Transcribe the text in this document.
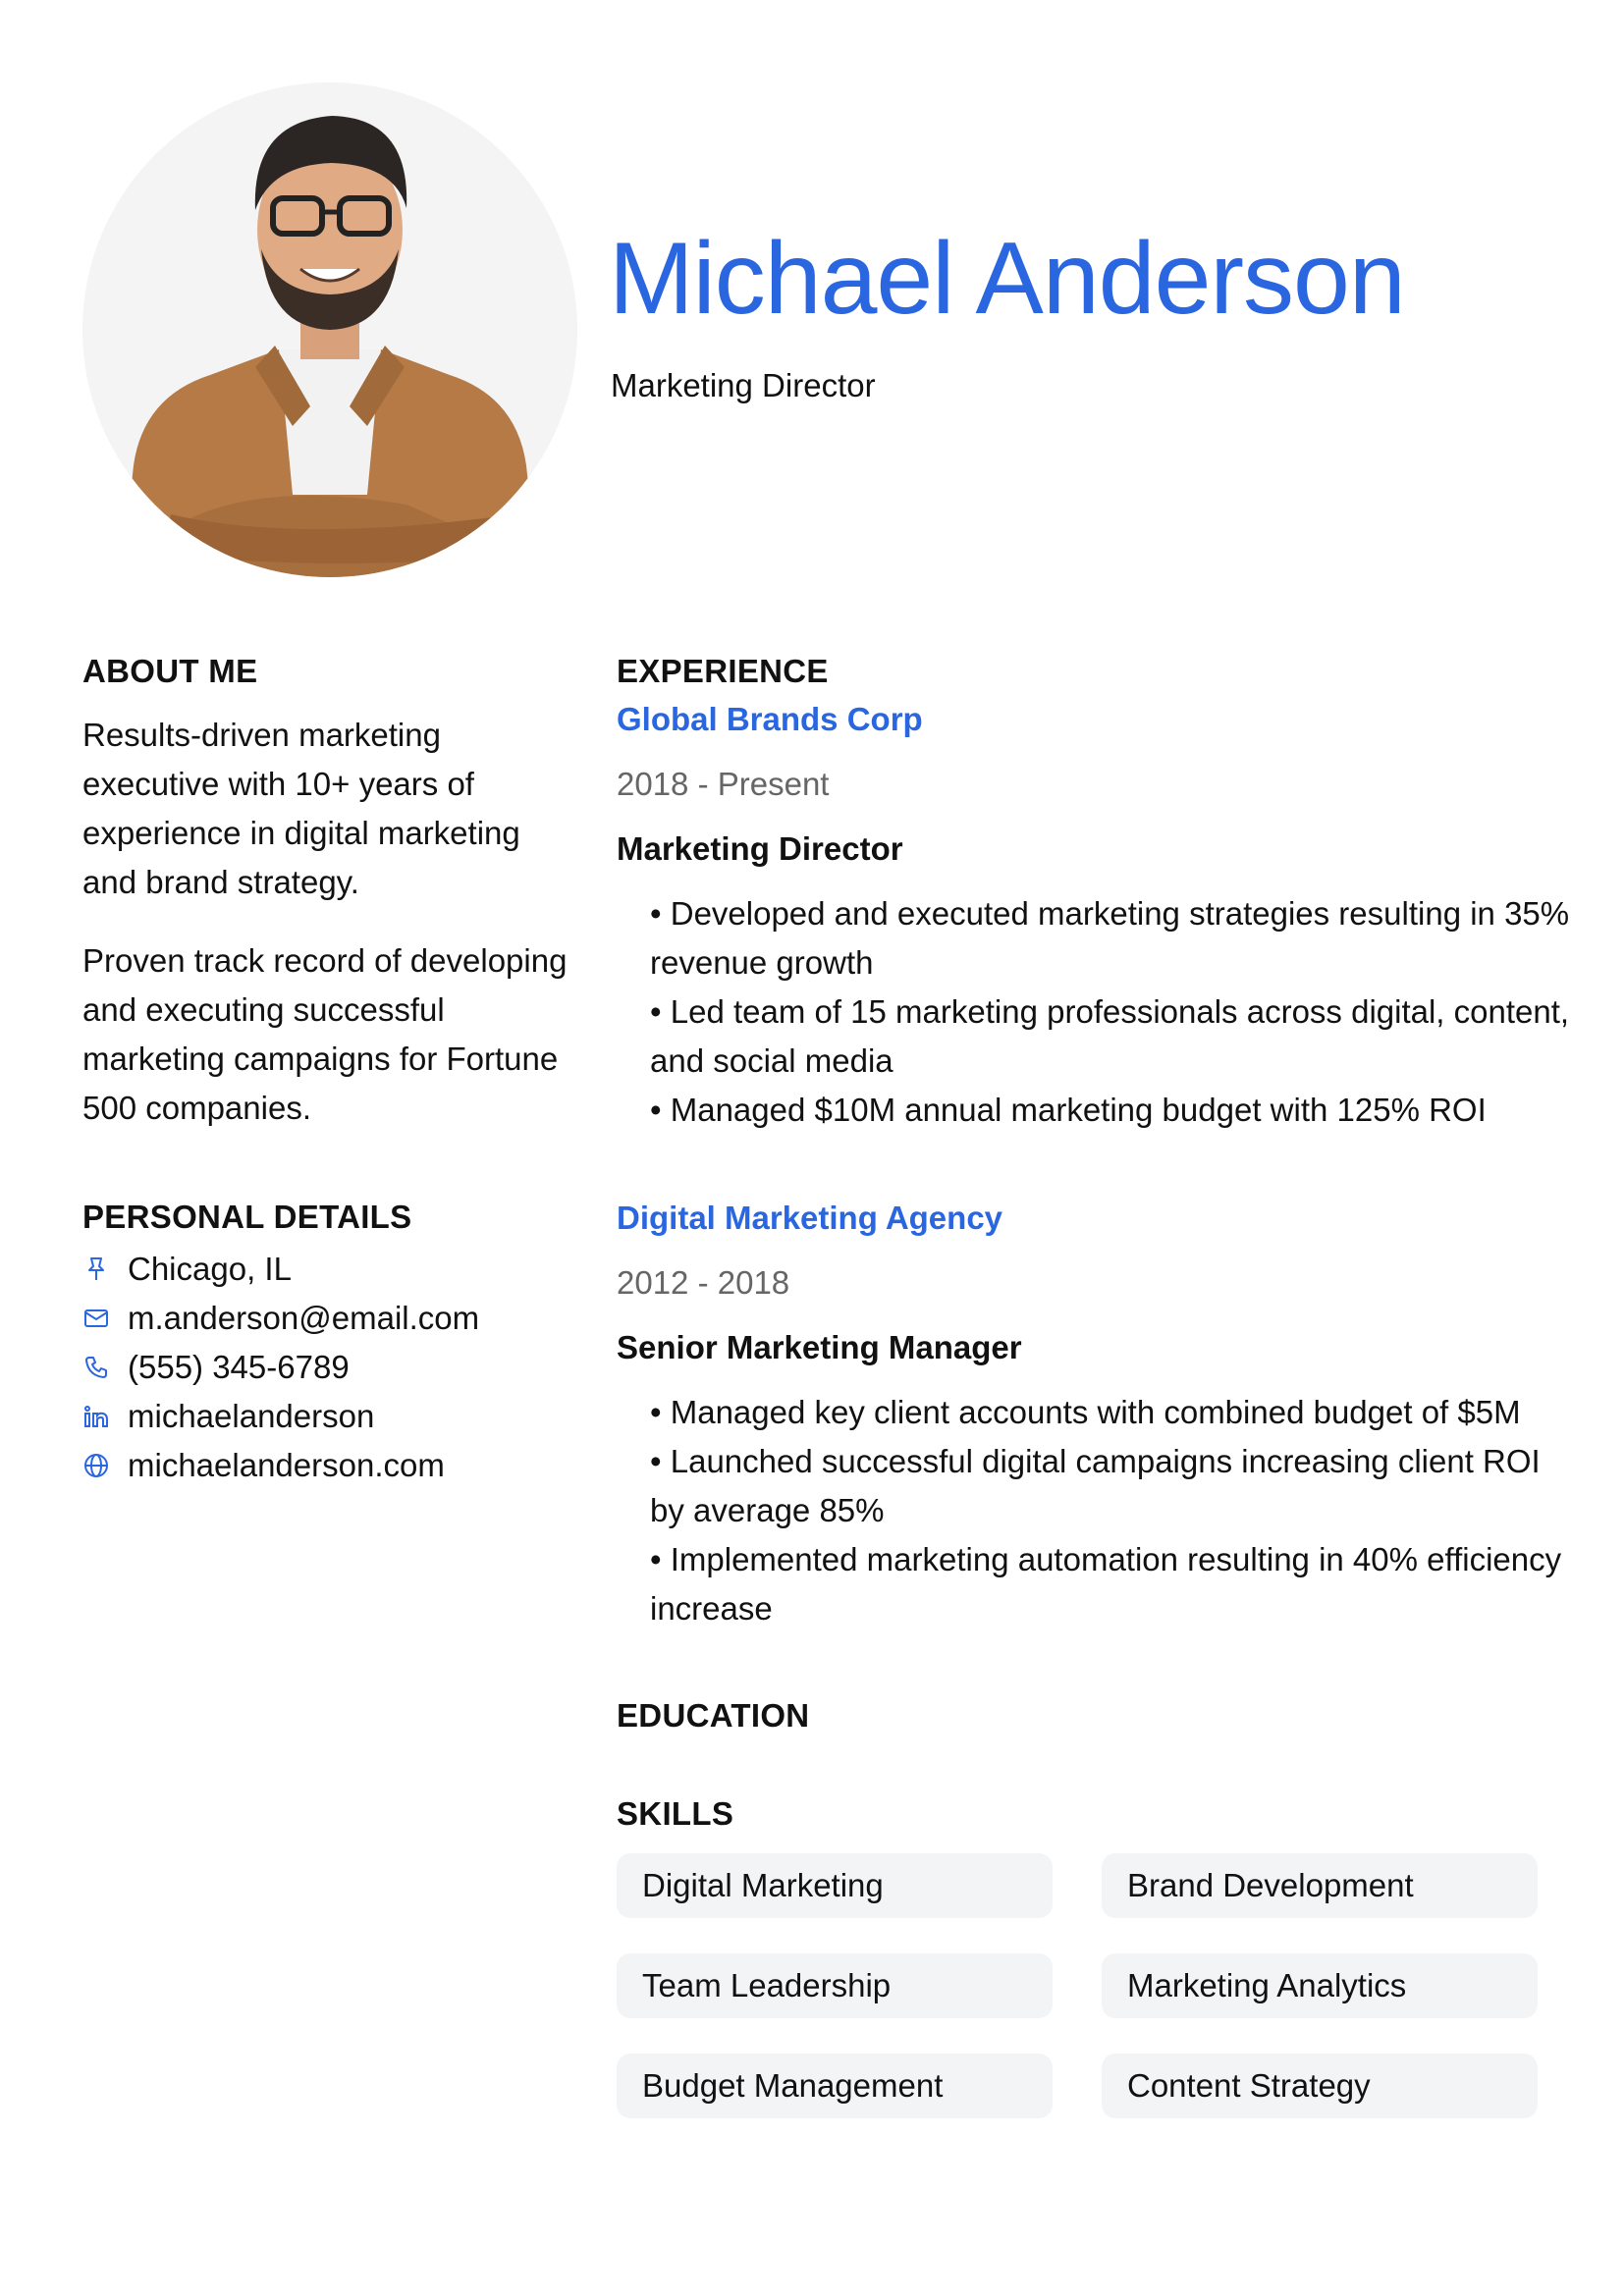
Michael Anderson
Marketing Director
ABOUT ME

Results-driven marketing executive with 10+ years of experience in digital marketing and brand strategy.

Proven track record of developing and executing successful marketing campaigns for Fortune 500 companies.

PERSONAL DETAILS
Chicago, IL
m.anderson@email.com
(555) 345-6789
michaelanderson
michaelanderson.com
EXPERIENCE
Global Brands Corp
2018 - Present
Marketing Director
• Developed and executed marketing strategies resulting in 35% revenue growth
• Led team of 15 marketing professionals across digital, content, and social media
• Managed $10M annual marketing budget with 125% ROI
Digital Marketing Agency
2012 - 2018
Senior Marketing Manager
• Managed key client accounts with combined budget of $5M
• Launched successful digital campaigns increasing client ROI by average 85%
• Implemented marketing automation resulting in 40% efficiency increase
EDUCATION
SKILLS
Digital Marketing	Brand Development
Team Leadership	Marketing Analytics
Budget Management	Content Strategy
